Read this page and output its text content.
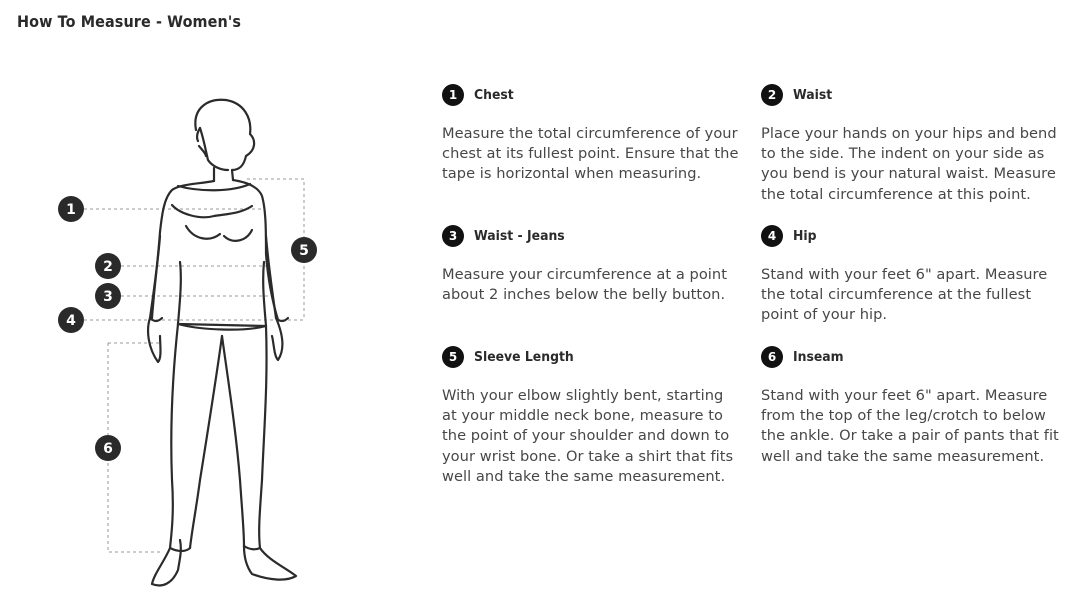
How To Measure - Women's
1
2
3
4
5
6
1	Chest
Measure the total circumference of your chest at its fullest point. Ensure that the tape is horizontal when measuring.
2	Waist
Place your hands on your hips and bend to the side. The indent on your side as you bend is your natural waist. Measure the total circumference at this point.
3	Waist - Jeans
Measure your circumference at a point about 2 inches below the belly button.
4	Hip
Stand with your feet 6" apart. Measure the total circumference at the fullest point of your hip.
5	Sleeve Length
With your elbow slightly bent, starting at your middle neck bone, measure to the point of your shoulder and down to your wrist bone. Or take a shirt that fits well and take the same measurement.
6	Inseam
Stand with your feet 6" apart. Measure from the top of the leg/crotch to below the ankle. Or take a pair of pants that fit well and take the same measurement.
